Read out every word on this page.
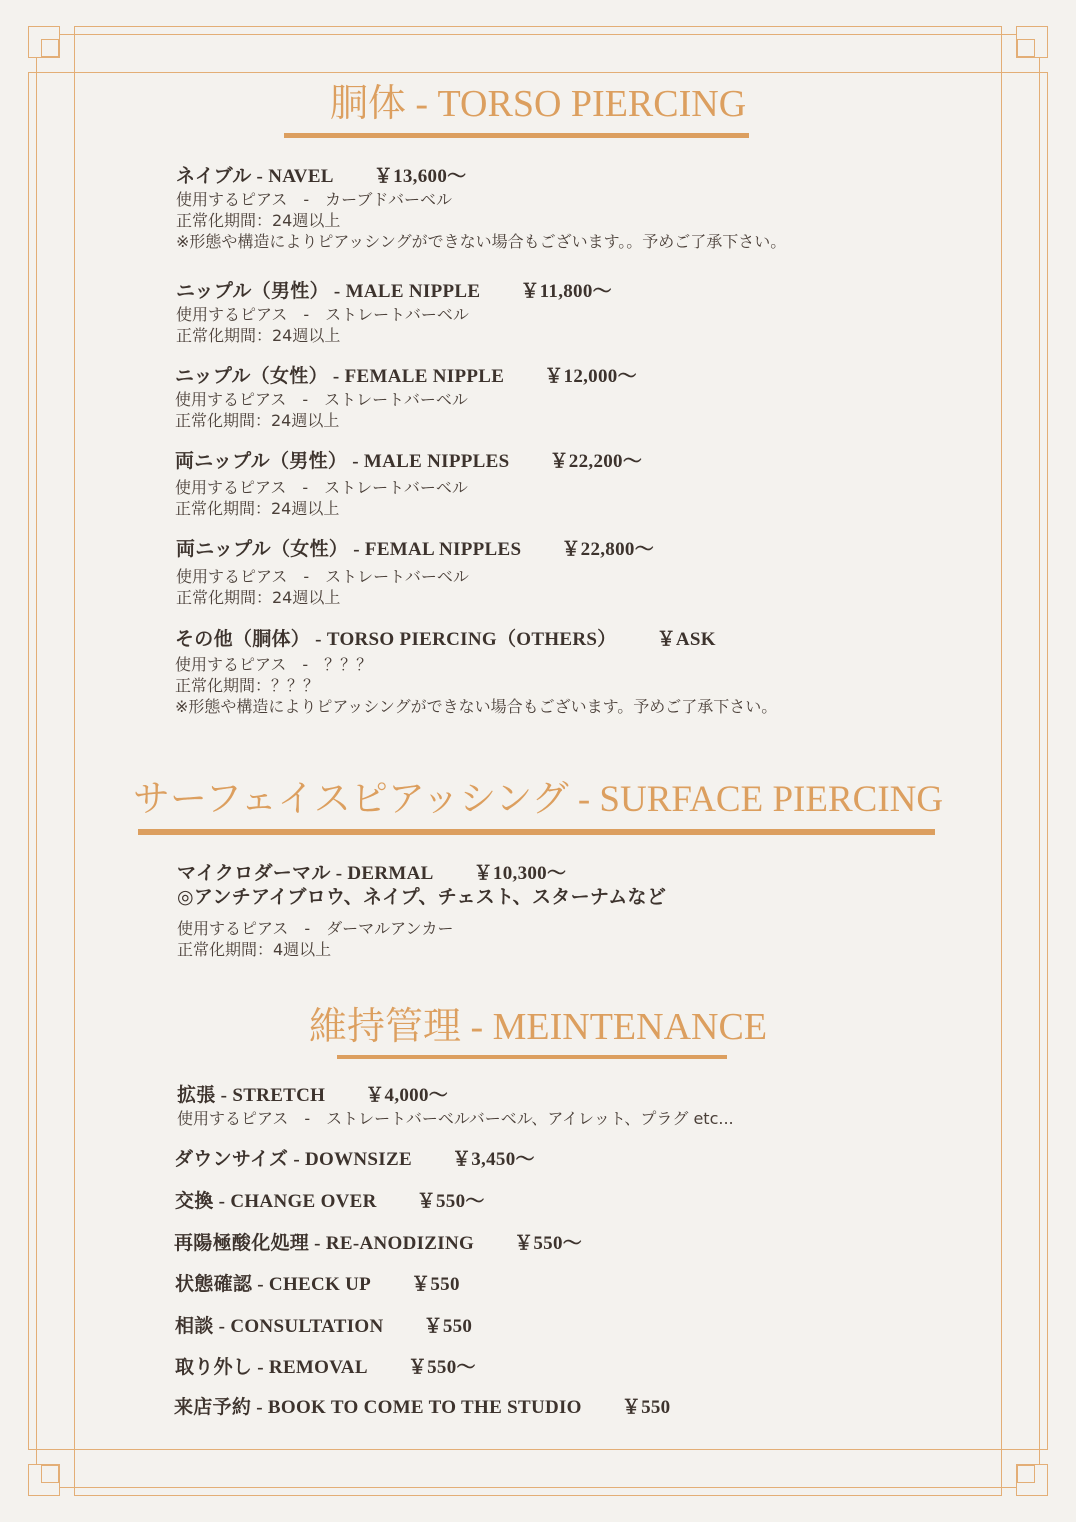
胴体 - TORSO PIERCING
ネイブル - NAVEL ￥13,600〜
使用するピアス　-　カーブドバーベル
正常化期間：24週以上
※形態や構造によりピアッシングができない場合もございます。。予めご了承下さい。
ニップル（男性） - MALE NIPPLE ￥11,800〜
使用するピアス　-　ストレートバーベル
正常化期間：24週以上
ニップル（女性） - FEMALE NIPPLE ￥12,000〜
使用するピアス　-　ストレートバーベル
正常化期間：24週以上
両ニップル（男性） - MALE NIPPLES ￥22,200〜
使用するピアス　-　ストレートバーベル
正常化期間：24週以上
両ニップル（女性） - FEMAL NIPPLES ￥22,800〜
使用するピアス　-　ストレートバーベル
正常化期間：24週以上
その他（胴体） - TORSO PIERCING（OTHERS） ￥ASK
使用するピアス　-　？？？
正常化期間：？？？
※形態や構造によりピアッシングができない場合もございます。予めご了承下さい。
サーフェイスピアッシング - SURFACE PIERCING
マイクロダーマル - DERMAL ￥10,300〜
◎アンチアイブロウ、ネイプ、チェスト、スターナムなど
使用するピアス　-　ダーマルアンカー
正常化期間：4週以上
維持管理 - MEINTENANCE
拡張 - STRETCH ￥4,000〜
使用するピアス　-　ストレートバーベルバーベル、アイレット、プラグ etc...
ダウンサイズ - DOWNSIZE ￥3,450〜
交換 - CHANGE OVER ￥550〜
再陽極酸化処理 - RE-ANODIZING ￥550〜
状態確認 - CHECK UP ￥550
相談 - CONSULTATION ￥550
取り外し - REMOVAL ￥550〜
来店予約 - BOOK TO COME TO THE STUDIO ￥550
